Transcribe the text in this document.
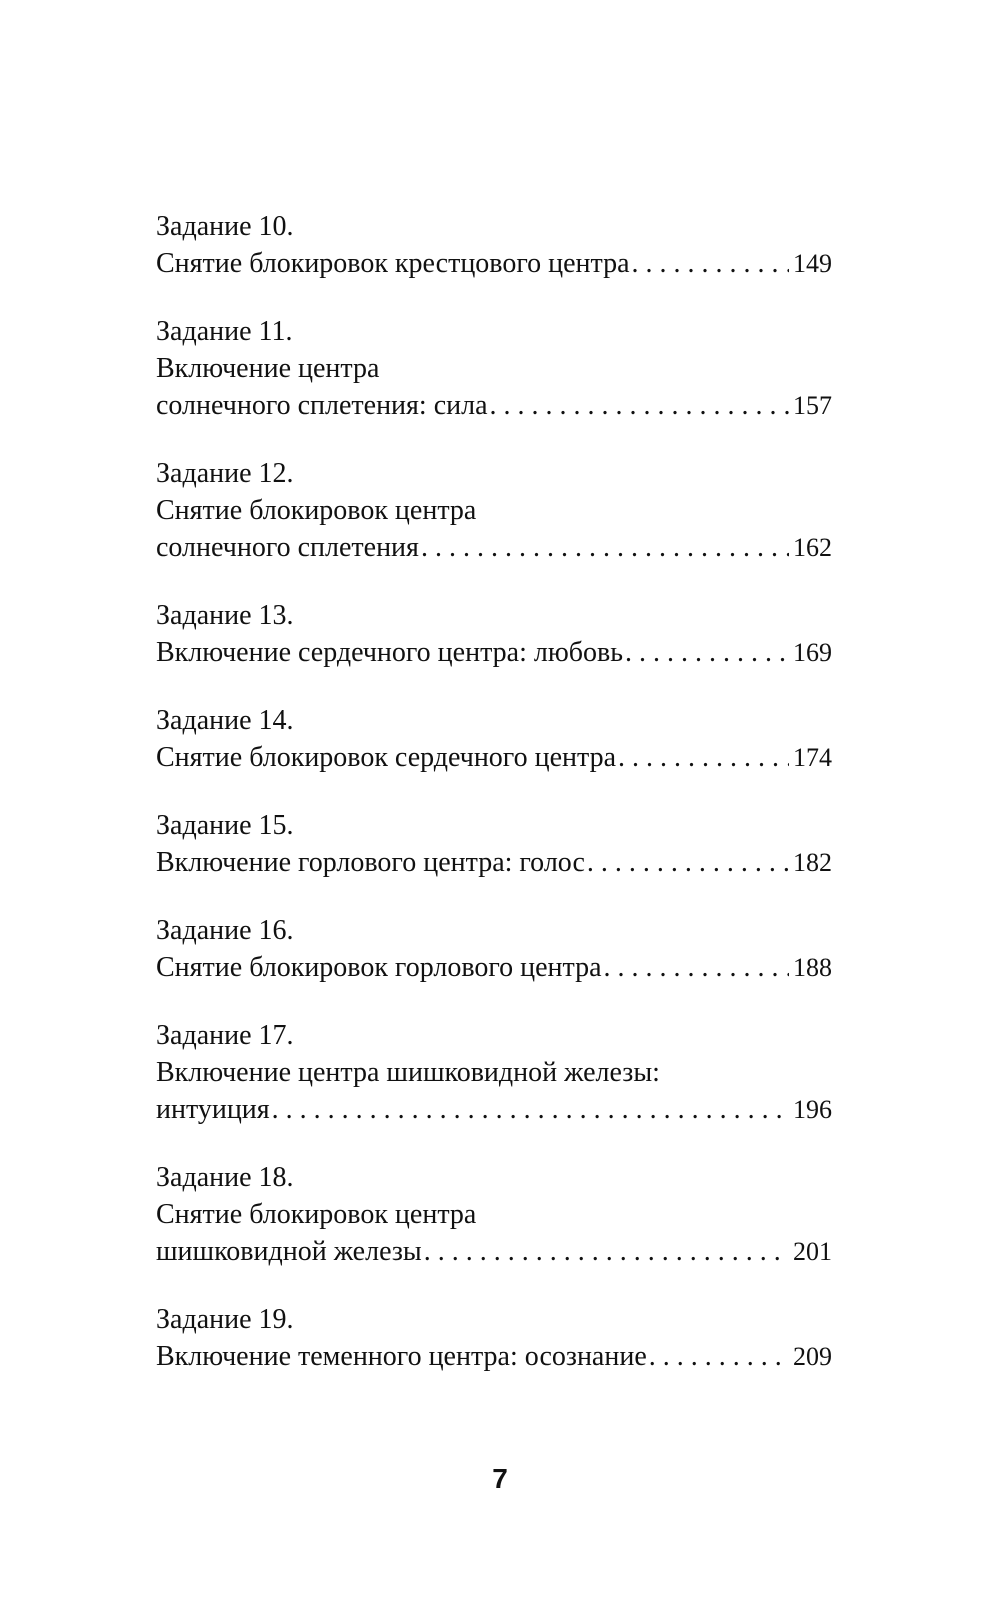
Задание 10.
Снятие блокировок крестцового центра . . .	149
Задание 11.
Включение центра
солнечного сплетения: сила . . .	157
Задание 12.
Снятие блокировок центра
солнечного сплетения . . .	162
Задание 13.
Включение сердечного центра: любовь . . .	169
Задание 14.
Снятие блокировок сердечного центра . . .	174
Задание 15.
Включение горлового центра: голос . . .	182
Задание 16.
Снятие блокировок горлового центра . . .	188
Задание 17.
Включение центра шишковидной железы:
интуиция . . .	196
Задание 18.
Снятие блокировок центра
шишковидной железы . . .	201
Задание 19.
Включение теменного центра: осознание . . .	209
7
